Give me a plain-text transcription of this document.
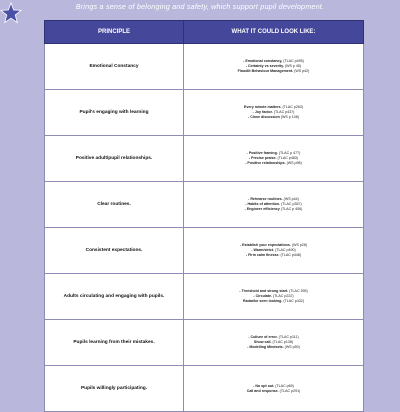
Brings a sense of belonging and safety, which support pupil development.
PRINCIPLE	WHAT IT COULD LOOK LIKE:
Emotional Constancy	- Emotional constancy, (TLAC p495)
- Certainty vs severity. (WS p 45)
Floodlit Behaviour Management. (WS p42)

Pupil's engaging with learning	Every minute matters. (TLAC p263)
- Joy factor. (TLAC p437)
- Close discussion (WS p 108)

Positive adult/pupil relationships.	- Positive framing. (TLAC p 477)
- Precise praise. (TLAC p483)
- Positive relationships. (WS p98)

Clear routines.	- Rehearse routines. (WS p44)
- Habits of attention. (TLAC p357)
- Engineer efficiency (TLAC p 406)

Consistent expectations.	- Establish your expectations. (WS p28)
- Warm/strict. (TLAC p490)
- Firm calm finesse. (TLAC p448)

Adults circulating and engaging with pupils.	- Threshold and strong start. (TLAC 395)
- Circulate. (TLAC p222)
Radar/be seen looking. (TLAC p432)

Pupils learning from their mistakes.	- Culture of error. (TLAC p111)
Show call. (TLAC p138)
- Modelling Mindsets. (WS p50)

Pupils willingly participating.	- No opt out. (TLAC p69)
Call and response. (TLAC p291)
